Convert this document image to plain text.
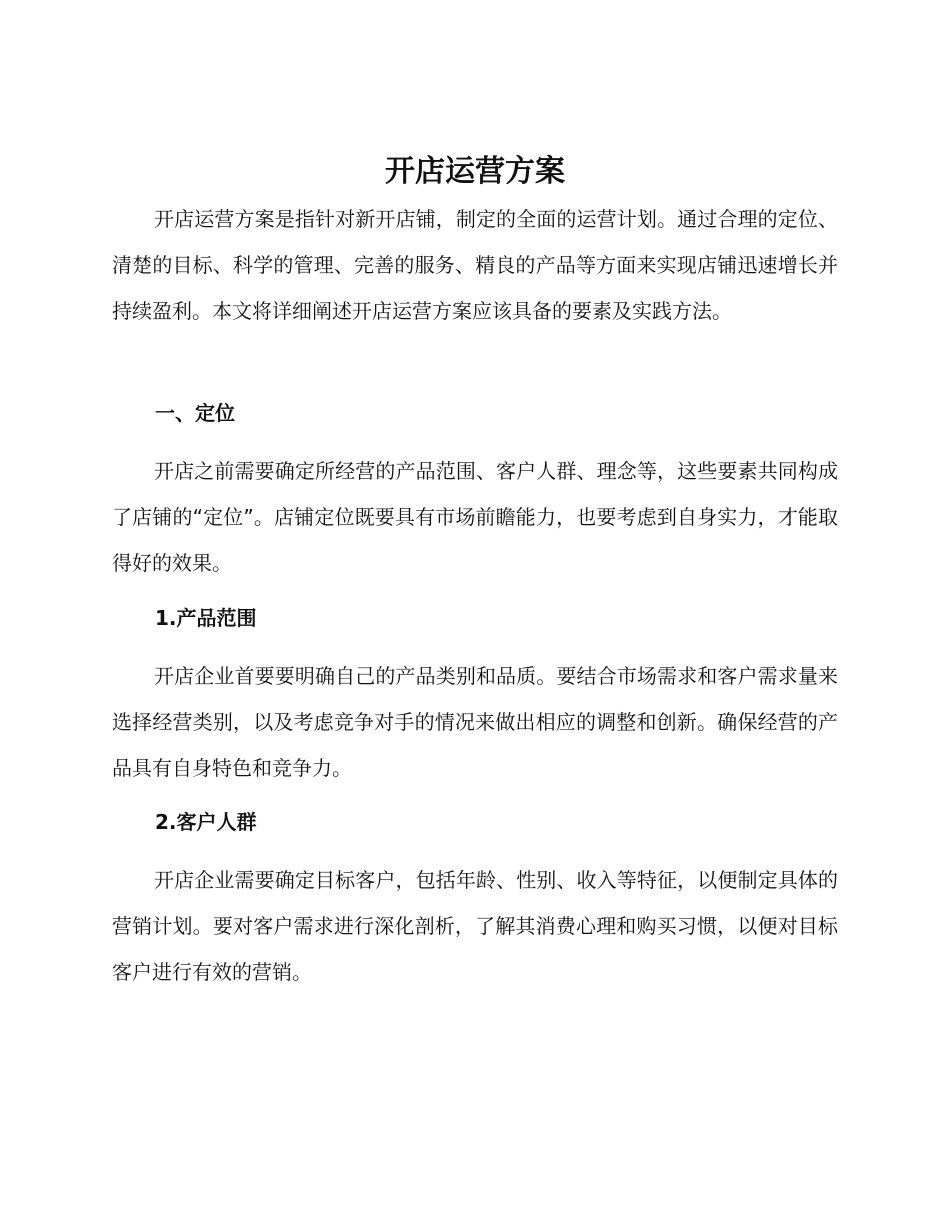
开店运营方案

开店运营方案是指针对新开店铺，制定的全面的运营计划。通过合理的定位、清楚的目标、科学的管理、完善的服务、精良的产品等方面来实现店铺迅速增长并持续盈利。本文将详细阐述开店运营方案应该具备的要素及实践方法。

一、定位

开店之前需要确定所经营的产品范围、客户人群、理念等，这些要素共同构成了店铺的“定位”。店铺定位既要具有市场前瞻能力，也要考虑到自身实力，才能取得好的效果。

1.产品范围

开店企业首要要明确自己的产品类别和品质。要结合市场需求和客户需求量来选择经营类别，以及考虑竞争对手的情况来做出相应的调整和创新。确保经营的产品具有自身特色和竞争力。

2.客户人群

开店企业需要确定目标客户，包括年龄、性别、收入等特征，以便制定具体的营销计划。要对客户需求进行深化剖析，了解其消费心理和购买习惯，以便对目标客户进行有效的营销。
